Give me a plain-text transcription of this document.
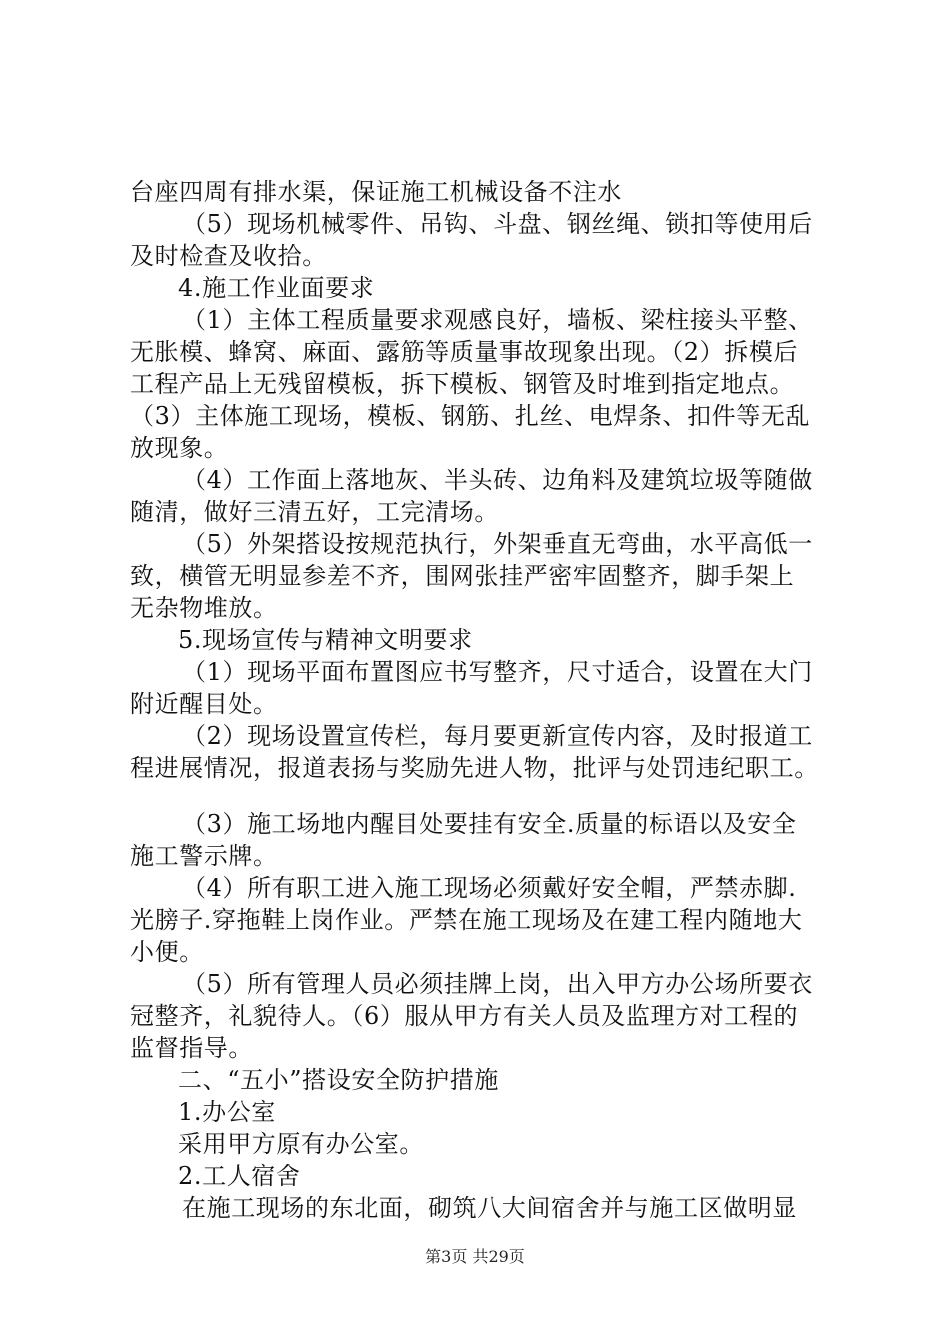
台座四周有排水渠，保证施工机械设备不注水
（5）现场机械零件、吊钩、斗盘、钢丝绳、锁扣等使用后
及时检查及收拾。
4.施工作业面要求
（1）主体工程质量要求观感良好，墙板、梁柱接头平整、
无胀模、蜂窝、麻面、露筋等质量事故现象出现。（2）拆模后
工程产品上无残留模板，拆下模板、钢管及时堆到指定地点。
（3）主体施工现场，模板、钢筋、扎丝、电焊条、扣件等无乱
放现象。
（4）工作面上落地灰、半头砖、边角料及建筑垃圾等随做
随清，做好三清五好，工完清场。
（5）外架搭设按规范执行，外架垂直无弯曲，水平高低一
致，横管无明显参差不齐，围网张挂严密牢固整齐，脚手架上
无杂物堆放。
5.现场宣传与精神文明要求
（1）现场平面布置图应书写整齐，尺寸适合，设置在大门
附近醒目处。
（2）现场设置宣传栏，每月要更新宣传内容，及时报道工
程进展情况，报道表扬与奖励先进人物，批评与处罚违纪职工。
（3）施工场地内醒目处要挂有安全.质量的标语以及安全
施工警示牌。
（4）所有职工进入施工现场必须戴好安全帽，严禁赤脚.
光膀子.穿拖鞋上岗作业。严禁在施工现场及在建工程内随地大
小便。
（5）所有管理人员必须挂牌上岗，出入甲方办公场所要衣
冠整齐，礼貌待人。（6）服从甲方有关人员及监理方对工程的
监督指导。
二、“五小”搭设安全防护措施
1.办公室
采用甲方原有办公室。
2.工人宿舍
在施工现场的东北面，砌筑八大间宿舍并与施工区做明显
第3页 共29页
